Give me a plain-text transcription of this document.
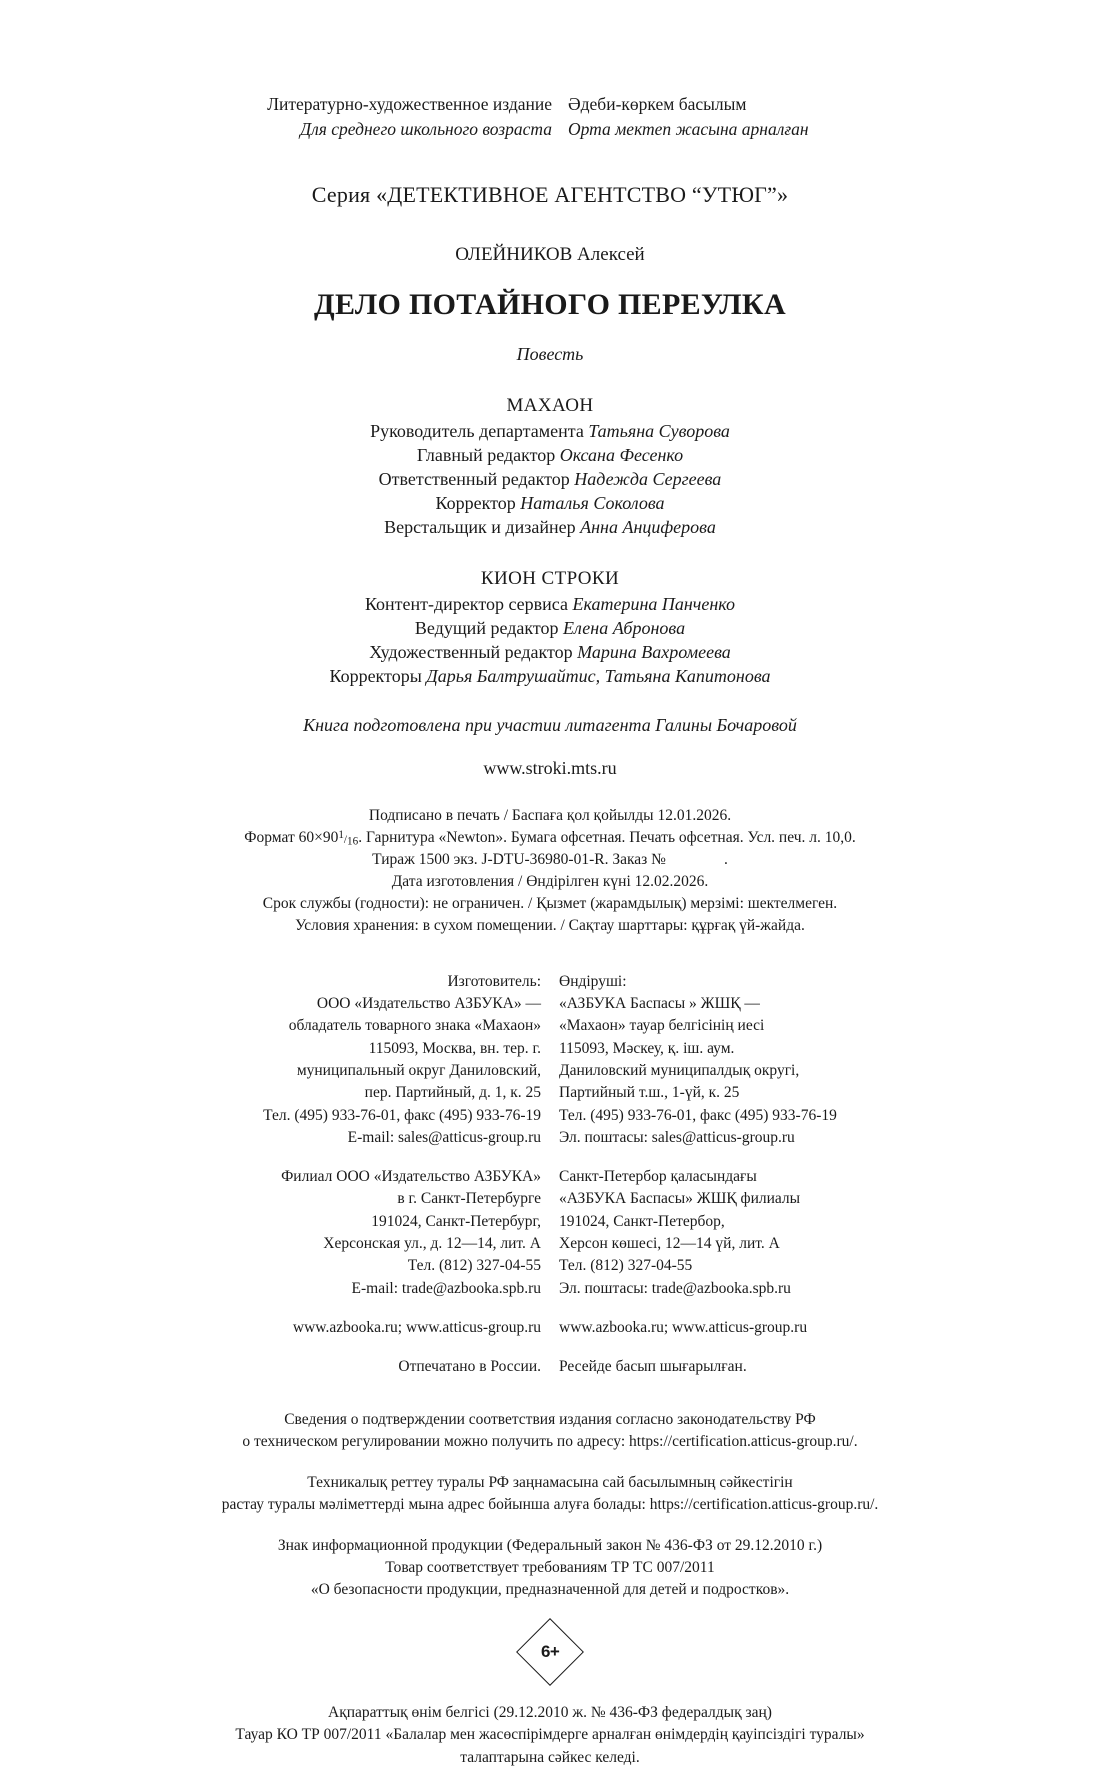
Литературно-художественное издание
Для среднего школьного возраста
Әдеби-көркем басылым
Орта мектеп жасына арналған
Серия «ДЕТЕКТИВНОЕ АГЕНТСТВО “УТЮГ”»
ОЛЕЙНИКОВ Алексей
ДЕЛО ПОТАЙНОГО ПЕРЕУЛКА
Повесть
МАХАОН
Руководитель департамента Татьяна Суворова
Главный редактор Оксана Фесенко
Ответственный редактор Надежда Сергеева
Корректор Наталья Соколова
Верстальщик и дизайнер Анна Анциферова
КИОН СТРОКИ
Контент-директор сервиса Екатерина Панченко
Ведущий редактор Елена Абронова
Художественный редактор Марина Вахромеева
Корректоры Дарья Балтрушайтис, Татьяна Капитонова
Книга подготовлена при участии литагента Галины Бочаровой
www.stroki.mts.ru
Подписано в печать / Баспаға қол қойылды 12.01.2026.
Формат $60\times 90^1/_{16}$. Гарнитура «Newton». Бумага офсетная. Печать офсетная. Усл. печ. л. 10,0.
Тираж 1500 экз. J-DTU-36980-01-R. Заказ №	.
Дата изготовления / Өндірілген күні 12.02.2026.
Срок службы (годности): не ограничен. / Қызмет (жарамдылық) мерзімі: шектелмеген.
Условия хранения: в сухом помещении. / Сақтау шарттары: құрғақ үй-жайда.
Изготовитель:
ООО «Издательство АЗБУКА» —
обладатель товарного знака «Махаон»
115093, Москва, вн. тер. г.
муниципальный округ Даниловский,
пер. Партийный, д. 1, к. 25
Тел. (495) 933-76-01, факс (495) 933-76-19
E-mail: sales@atticus-group.ru
Филиал ООО «Издательство АЗБУКА»
в г. Санкт-Петербурге
191024, Санкт-Петербург,
Херсонская ул., д. 12—14, лит. А
Тел. (812) 327-04-55
E-mail: trade@azbooka.spb.ru
www.azbooka.ru; www.atticus-group.ru
Отпечатано в России.
Өндіруші:
«АЗБУКА Баспасы » ЖШҚ —
«Махаон» тауар белгісінің иесі
115093, Мәскеу, қ. іш. аум.
Даниловский муниципалдық округі,
Партийный т.ш., 1-үй, к. 25
Тел. (495) 933-76-01, факс (495) 933-76-19
Эл. поштасы: sales@atticus-group.ru
Санкт-Петербор қаласындағы
«АЗБУКА Баспасы» ЖШҚ филиалы
191024, Санкт-Петербор,
Херсон көшесі, 12—14 үй, лит. А
Тел. (812) 327-04-55
Эл. поштасы: trade@azbooka.spb.ru
www.azbooka.ru; www.atticus-group.ru
Ресейде басып шығарылған.

Сведения о подтверждении соответствия издания согласно законодательству РФ
о техническом регулировании можно получить по адресу: https://certification.atticus-group.ru/.

Техникалық реттеу туралы РФ заңнамасына сай басылымның сәйкестігін
растау туралы мәліметтерді мына адрес бойынша алуға болады: https://certification.atticus-group.ru/.

Знак информационной продукции (Федеральный закон № 436-ФЗ от 29.12.2010 г.)
Товар соответствует требованиям ТР ТС 007/2011
«О безопасности продукции, предназначенной для детей и подростков».

6+
Ақпараттық өнім белгісі (29.12.2010 ж. № 436-ФЗ федералдық заң)
Тауар КО ТР 007/2011 «Балалар мен жасөспірімдерге арналған өнімдердің қауіпсіздігі туралы»
талаптарына сәйкес келеді.
